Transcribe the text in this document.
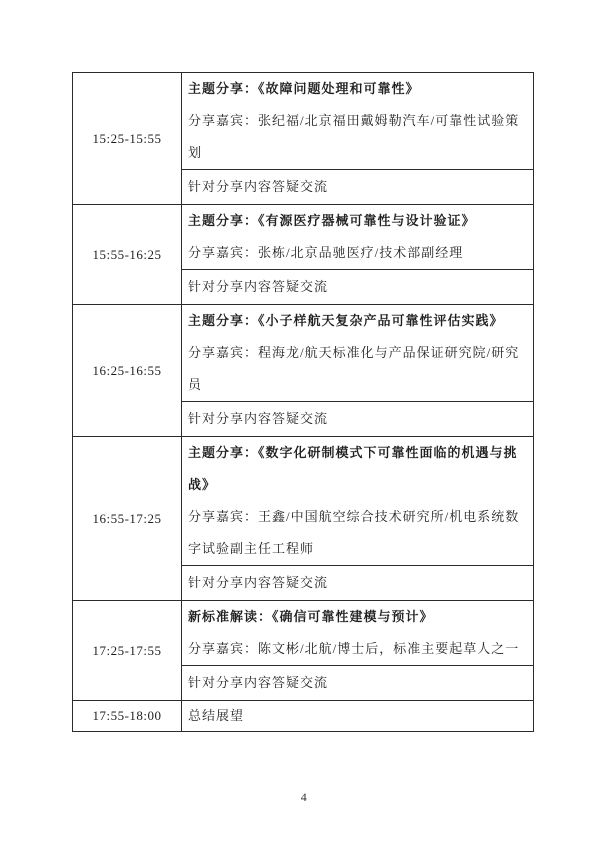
15:25-15:55

主题分享：《故障问题处理和可靠性》

分享嘉宾：张纪福/北京福田戴姆勒汽车/可靠性试验策划

针对分享内容答疑交流
15:55-16:25

主题分享：《有源医疗器械可靠性与设计验证》

分享嘉宾：张栋/北京品驰医疗/技术部副经理

针对分享内容答疑交流
16:25-16:55

主题分享：《小子样航天复杂产品可靠性评估实践》

分享嘉宾：程海龙/航天标准化与产品保证研究院/研究员

针对分享内容答疑交流
16:55-17:25

主题分享：《数字化研制模式下可靠性面临的机遇与挑战》

分享嘉宾：王鑫/中国航空综合技术研究所/机电系统数字试验副主任工程师

针对分享内容答疑交流
17:25-17:55

新标准解读：《确信可靠性建模与预计》

分享嘉宾：陈文彬/北航/博士后，标准主要起草人之一

针对分享内容答疑交流
17:55-18:00	总结展望
4
